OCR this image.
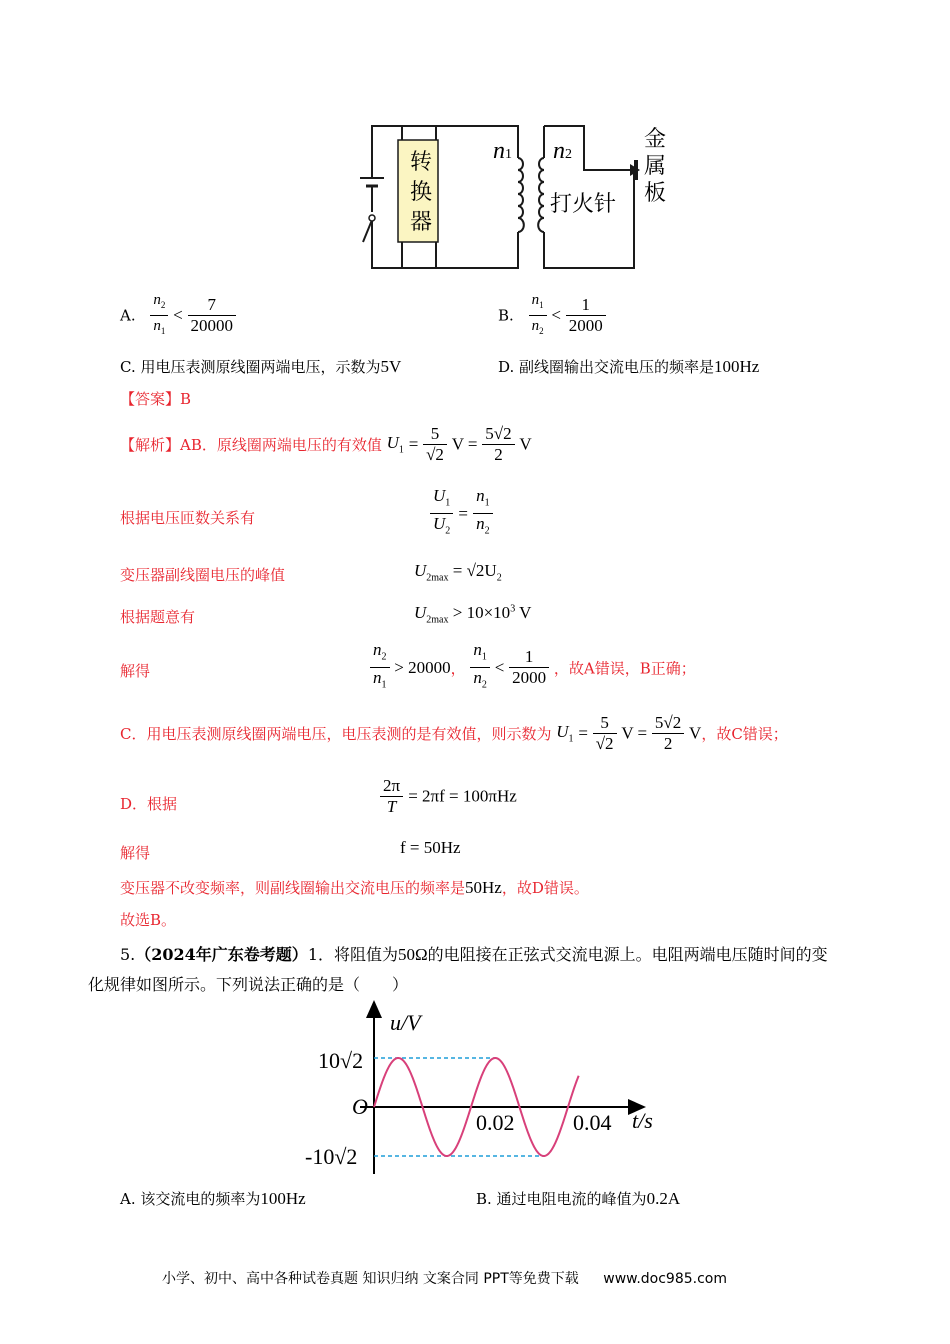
转
换
器
n1 n2
打火针
金
属
板
A. $\frac{n_2}{n_1} < \frac{7}{20000}$	B. $\frac{n_1}{n_2} < \frac{1}{2000}$
C. 用电压表测原线圈两端电压，示数为5V	D. 副线圈输出交流电压的频率是100Hz
【答案】B
【解析】AB．原线圈两端电压的有效值 $U_1 = \frac{5}{√2}$ $V = \frac{5√2}{2}$ V
根据电压匝数关系有	$\frac{U_1}{U_2} = \frac{n_1}{n_2}$
变压器副线圈电压的峰值	$U_{2max} = √2U_2$
根据题意有	$U_{2max} > 10\times 10^3$ V
解得	$\frac{n_2}{n_1} > 20000$， $\frac{n_1}{n_2} < \frac{1}{2000}$ ，故A错误，B正确；
C．用电压表测原线圈两端电压，电压表测的是有效值，则示数为 $U_1 = \frac{5}{√2}$ $V = \frac{5√2}{2}$ V，故C错误；
D．根据	$\frac{2\pi}{T} = 2\pi f = 100\pi Hz$
解得	f = 50Hz
变压器不改变频率，则副线圈输出交流电压的频率是50Hz，故D错误。
故选B。
5.（2024年广东卷考题）1．将阻值为50Ω的电阻接在正弦式交流电源上。电阻两端电压随时间的变
化规律如图所示。下列说法正确的是（　　）
u/V
10√2
O
0.02	0.04 t/s
-10√2
A. 该交流电的频率为100Hz	B. 通过电阻电流的峰值为0.2A
小学、初中、高中各种试卷真题 知识归纳 文案合同 PPT等免费下载 www.doc985.com
